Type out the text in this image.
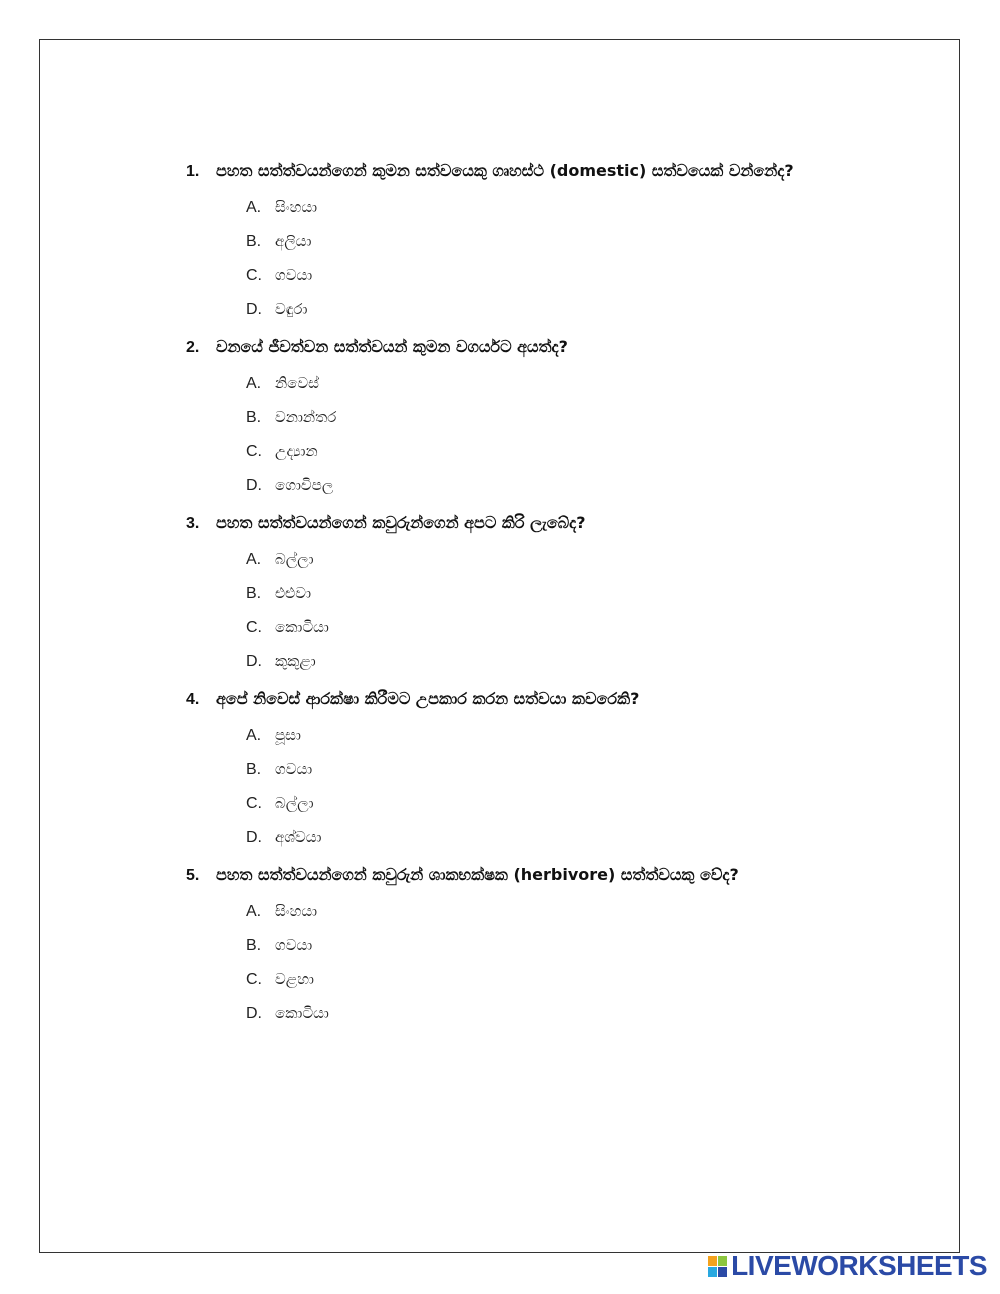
1.	පහත සත්ත්වයන්ගෙන් කුමන සත්වයෙකු ගෘහස්ථ (domestic) සත්වයෙක් වන්නේද?
A. සිංහයා
B. අලියා
C. ගවයා
D. වඳුරා
2.	වනයේ ජීවත්වන සත්ත්වයන් කුමන වගර්යට අයත්ද?
A. නිවෙස්
B. වනාන්තර
C. උද්‍යාන
D. ගොවිපල
3.	පහත සත්ත්වයන්ගෙන් කවුරුන්ගෙන් අපට කිරි ලැබේද?
A. බල්ලා
B. එළුවා
C. කොටියා
D. කුකුළා
4.	අපේ නිවෙස් ආරක්ෂා කිරීමට උපකාර කරන සත්වයා කවරෙකි?
A. පූසා
B. ගවයා
C. බල්ලා
D. අශ්වයා
5.	පහත සත්ත්වයන්ගෙන් කවුරුන් ශාකභක්ෂක (herbivore) සත්ත්වයකු වේද?
A. සිංහයා
B. ගවයා
C. වළහා
D. කොටියා
LIVEWORKSHEETS
